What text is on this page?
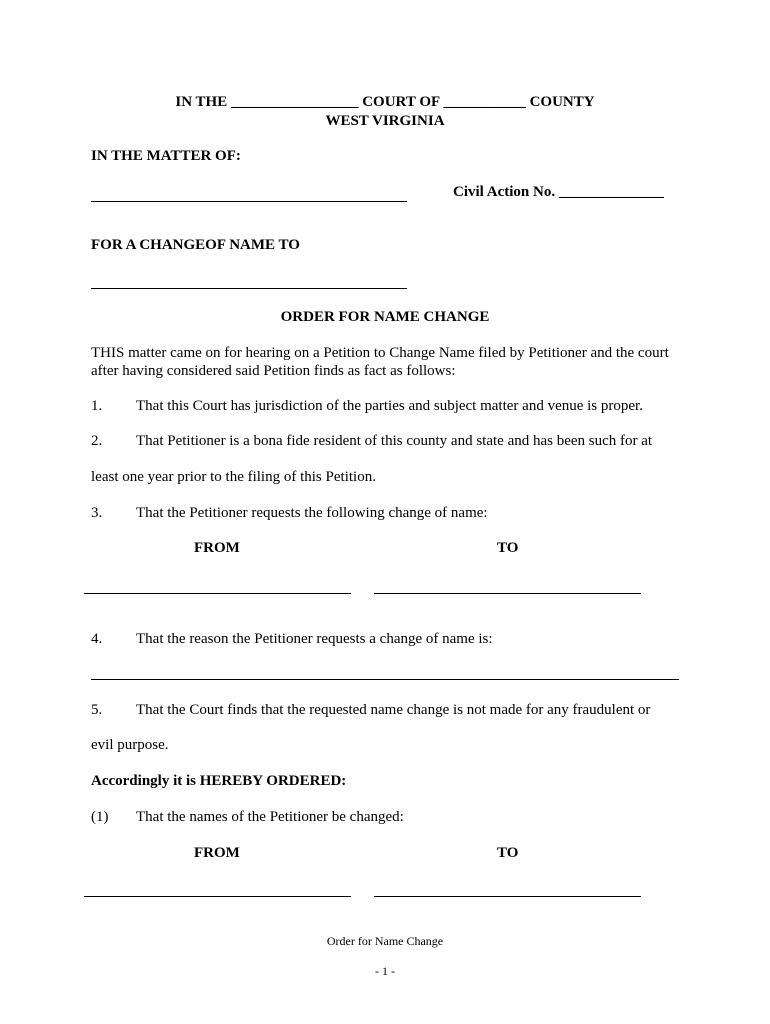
IN THE _________________ COURT OF ___________ COUNTY
WEST VIRGINIA
IN THE MATTER OF:
Civil Action No. ______________
FOR A CHANGEOF NAME TO
ORDER FOR NAME CHANGE
THIS matter came on for hearing on a Petition to Change Name filed by Petitioner and the court
after having considered said Petition finds as fact as follows:
1. That this Court has jurisdiction of the parties and subject matter and venue is proper.
2. That Petitioner is a bona fide resident of this county and state and has been such for at
least one year prior to the filing of this Petition.
3. That the Petitioner requests the following change of name:
FROM	TO
4. That the reason the Petitioner requests a change of name is:
5. That the Court finds that the requested name change is not made for any fraudulent or
evil purpose.
Accordingly it is HEREBY ORDERED:
(1) That the names of the Petitioner be changed:
FROM	TO
Order for Name Change
- 1 -
